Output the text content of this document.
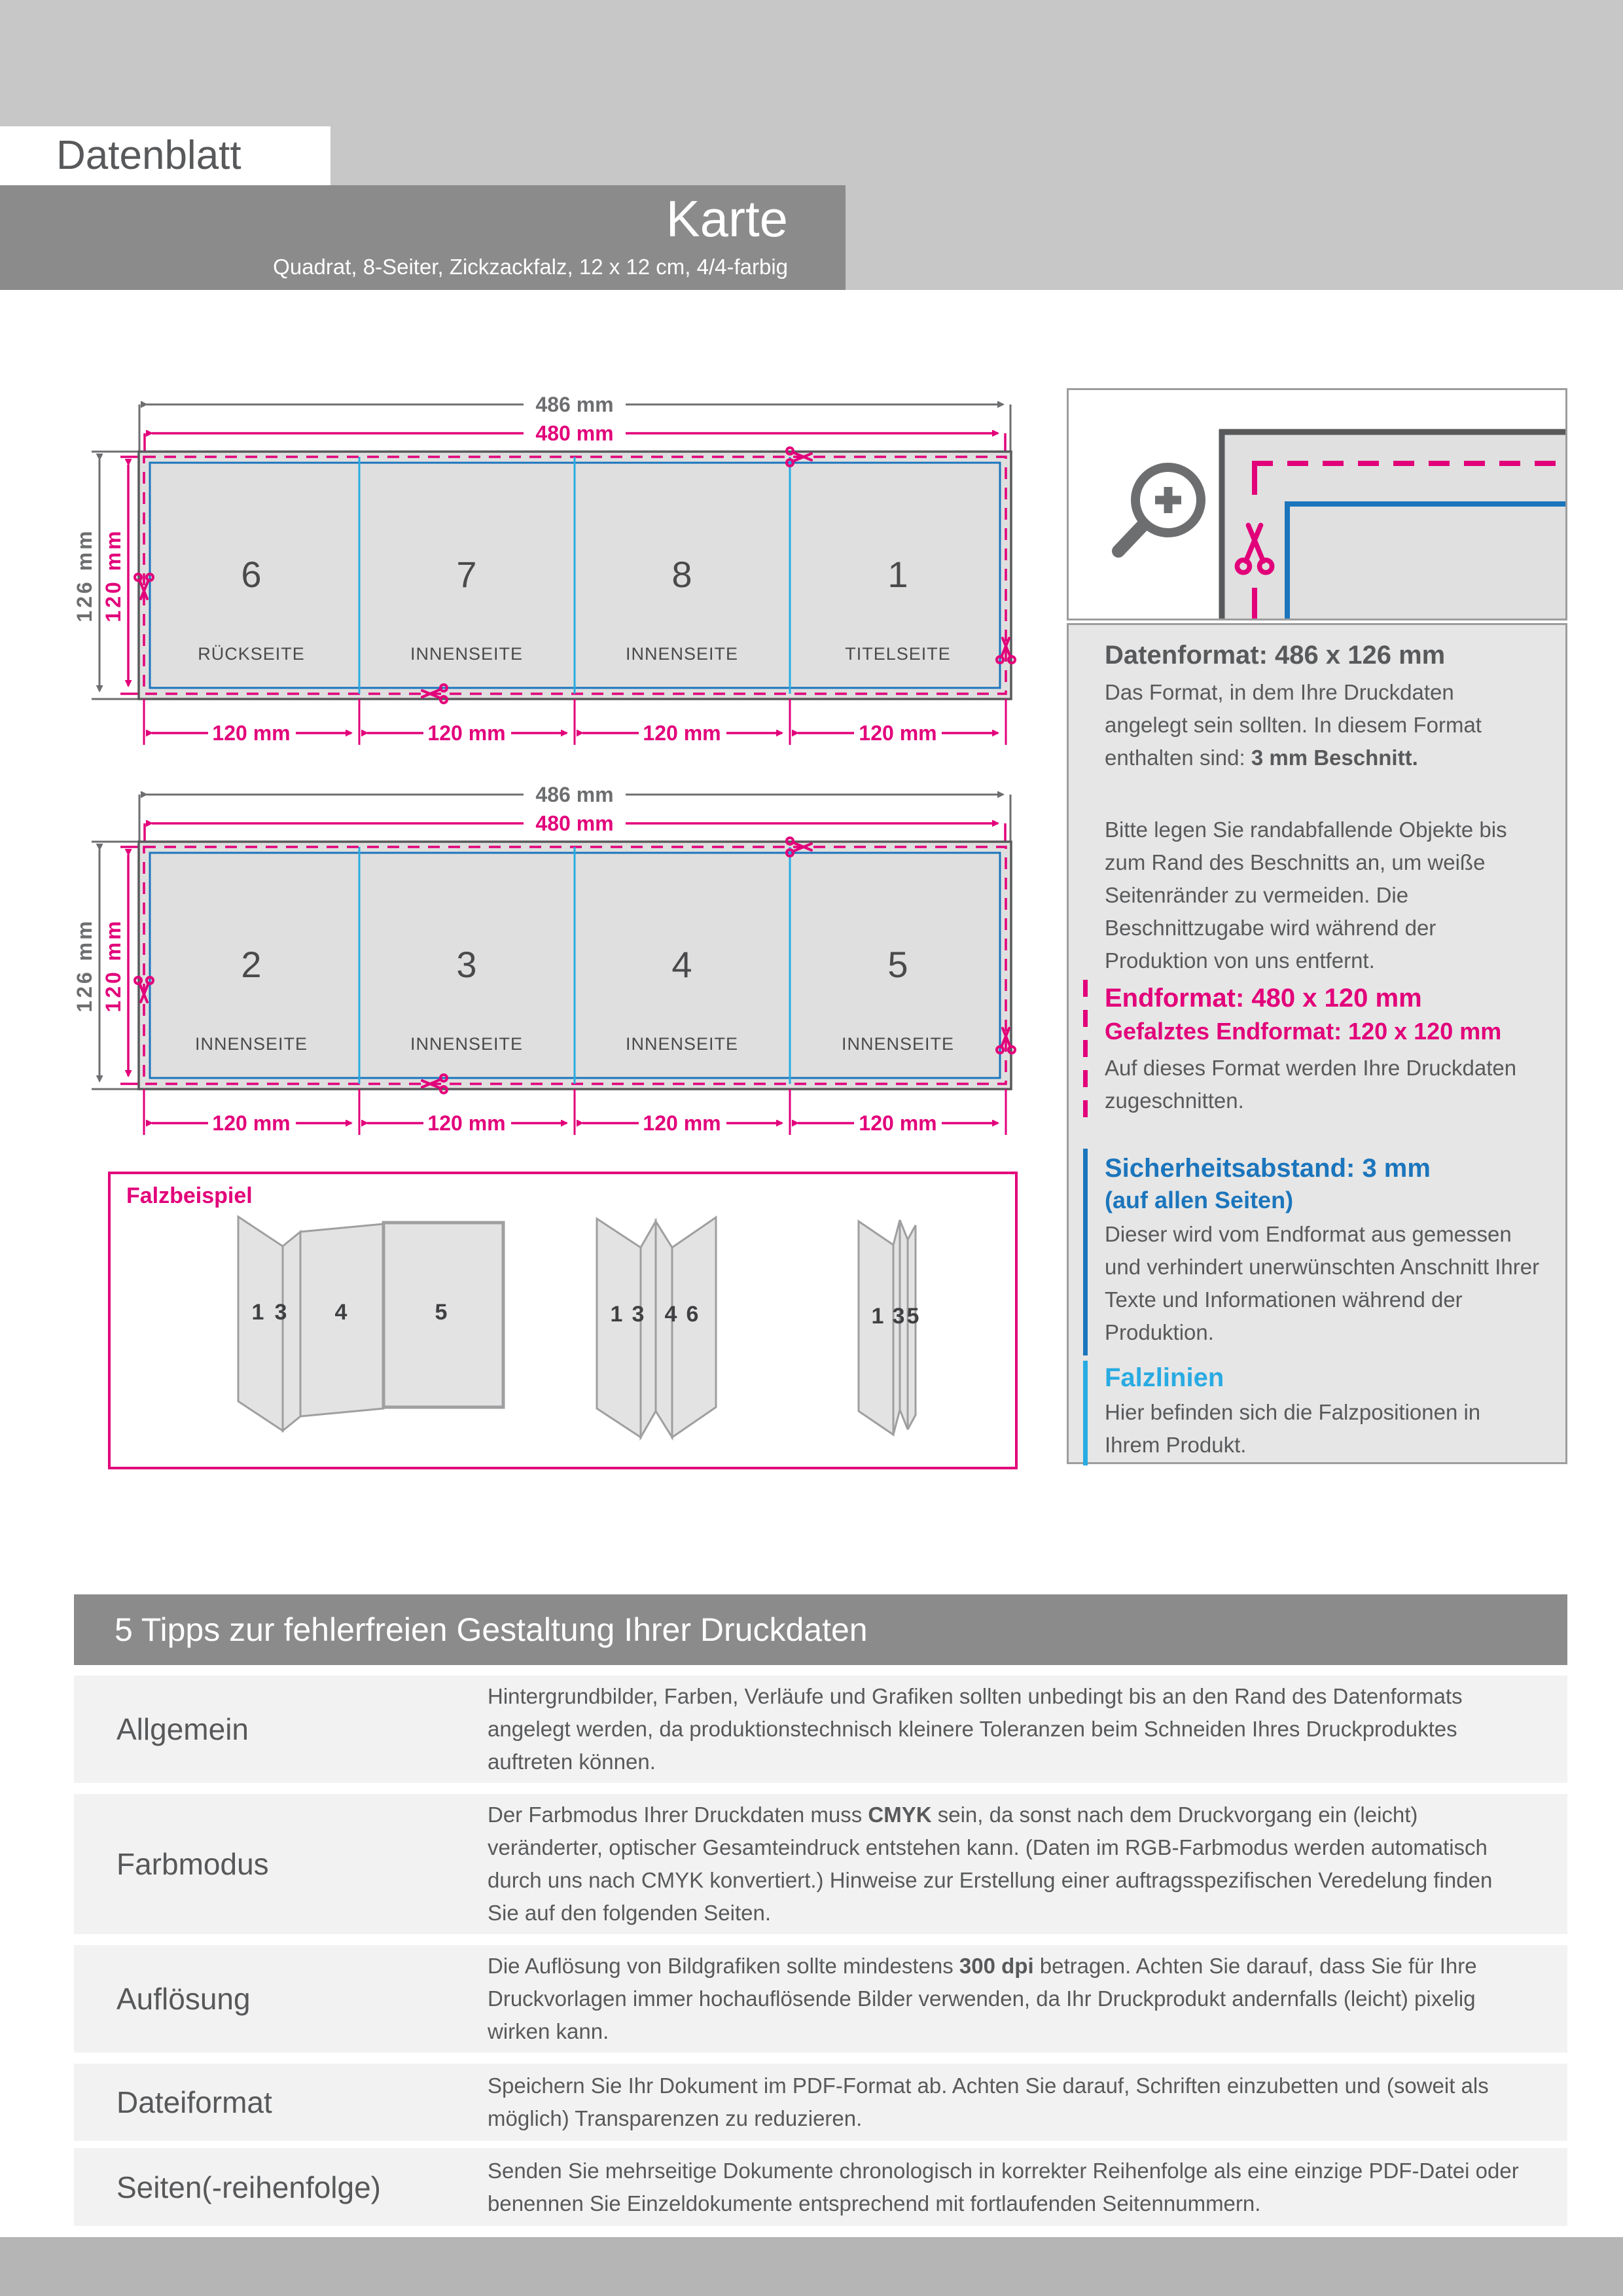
Datenblatt
Karte
Quadrat, 8-Seiter, Zickzackfalz, 12 x 12 cm, 4/4-farbig
486 mm
480 mm
6	7	8	1
RÜCKSEITE	INNENSEITE	INNENSEITE	TITELSEITE
126 mm 120 mm
120 mm	120 mm	120 mm	120 mm
486 mm
480 mm
2	3	4	5
INNENSEITE	INNENSEITE	INNENSEITE	INNENSEITE
126 mm 120 mm
120 mm	120 mm	120 mm	120 mm
Falzbeispiel
1 3 4	5	1 3 4 6	1 3 5
Datenformat: 486 x 126 mm

Das Format, in dem Ihre Druckdaten angelegt sein sollten. In diesem Format enthalten sind: 3 mm Beschnitt.

Bitte legen Sie randabfallende Objekte bis zum Rand des Beschnitts an, um weiße Seitenränder zu vermeiden. Die Beschnittzugabe wird während der Produktion von uns entfernt.

Endformat: 480 x 120 mm
Gefalztes Endformat: 120 x 120 mm

Auf dieses Format werden Ihre Druckdaten zugeschnitten.

Sicherheitsabstand: 3 mm
(auf allen Seiten)

Dieser wird vom Endformat aus gemessen und verhindert unerwünschten Anschnitt Ihrer Texte und Informationen während der Produktion.

Falzlinien

Hier befinden sich die Falzpositionen in Ihrem Produkt.

5 Tipps zur fehlerfreien Gestaltung Ihrer Druckdaten
Allgemein
Hintergrundbilder, Farben, Verläufe und Grafiken sollten unbedingt bis an den Rand des Datenformats angelegt werden, da produktionstechnisch kleinere Toleranzen beim Schneiden Ihres Druckproduktes auftreten können.
Farbmodus
Der Farbmodus Ihrer Druckdaten muss CMYK sein, da sonst nach dem Druckvorgang ein (leicht) veränderter, optischer Gesamteindruck entstehen kann. (Daten im RGB-Farbmodus werden automatisch durch uns nach CMYK konvertiert.) Hinweise zur Erstellung einer auftragsspezifischen Veredelung finden Sie auf den folgenden Seiten.
Auflösung
Die Auflösung von Bildgrafiken sollte mindestens 300 dpi betragen. Achten Sie darauf, dass Sie für Ihre Druckvorlagen immer hochauflösende Bilder verwenden, da Ihr Druckprodukt andernfalls (leicht) pixelig wirken kann.
Dateiformat	Speichern Sie Ihr Dokument im PDF-Format ab. Achten Sie darauf, Schriften einzubetten und (soweit als möglich) Transparenzen zu reduzieren.
Seiten(-reihenfolge)	Senden Sie mehrseitige Dokumente chronologisch in korrekter Reihenfolge als eine einzige PDF-Datei oder benennen Sie Einzeldokumente entsprechend mit fortlaufenden Seitennummern.
